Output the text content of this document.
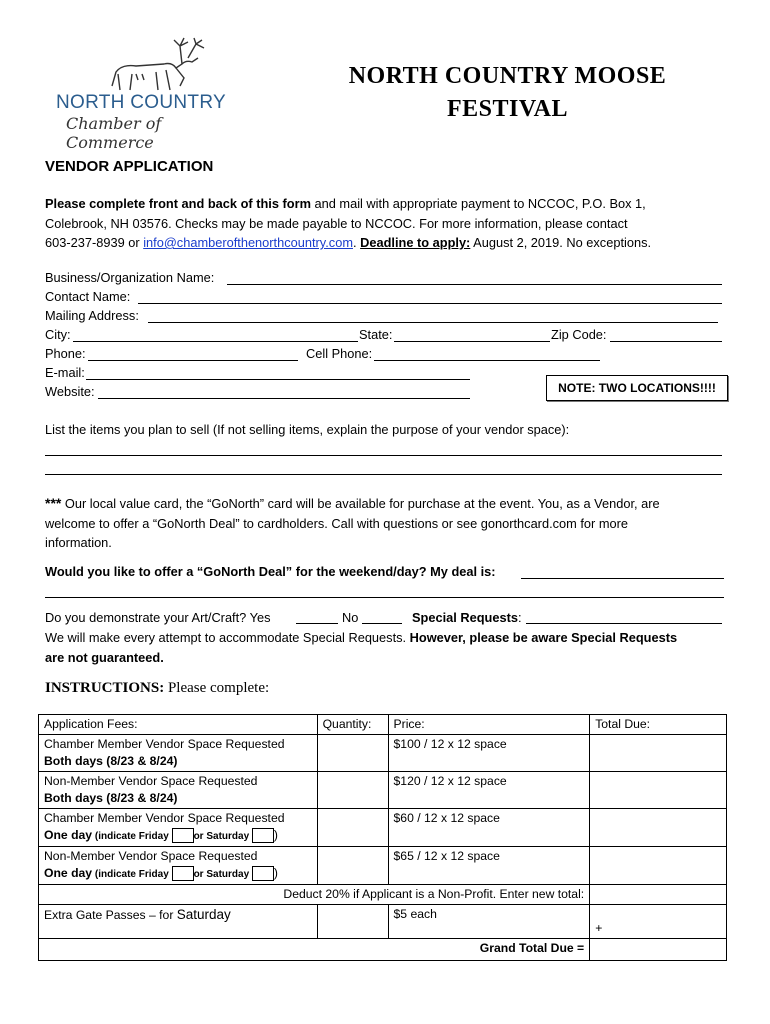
NORTH COUNTRY
Chamber of Commerce
NORTH COUNTRY MOOSE
FESTIVAL
VENDOR APPLICATION
Please complete front and back of this form and mail with appropriate payment to NCCOC, P.O. Box 1,
Colebrook, NH 03576. Checks may be made payable to NCCOC. For more information, please contact
603-237-8939 or info@chamberofthenorthcountry.com. Deadline to apply: August 2, 2019. No exceptions.
Business/Organization Name:
Contact Name:
Mailing Address:
City:	State:	Zip Code:
Phone:	Cell Phone:
E-mail:
Website:	NOTE: TWO LOCATIONS!!!!
List the items you plan to sell (If not selling items, explain the purpose of your vendor space):
*** Our local value card, the “GoNorth” card will be available for purchase at the event. You, as a Vendor, are
welcome to offer a “GoNorth Deal” to cardholders. Call with questions or see gonorthcard.com for more
information.
Would you like to offer a “GoNorth Deal” for the weekend/day? My deal is:
Do you demonstrate your Art/Craft? Yes	No	Special Requests:
We will make every attempt to accommodate Special Requests. However, please be aware Special Requests
are not guaranteed.
INSTRUCTIONS: Please complete:
Application Fees:	Quantity:	Price:	Total Due:

Chamber Member Vendor Space Requested
Both days (8/23 & 8/24)		$100 / 12 x 12 space	

Non-Member Vendor Space Requested
Both days (8/23 & 8/24)		$120 / 12 x 12 space	

Chamber Member Vendor Space Requested
One day (indicate Friday or Saturday )		$60 / 12 x 12 space	

Non-Member Vendor Space Requested
One day (indicate Friday or Saturday )		$65 / 12 x 12 space	
Deduct 20% if Applicant is a Non-Profit. Enter new total:			
Extra Gate Passes – for Saturday		$5 each	+
Grand Total Due =			
